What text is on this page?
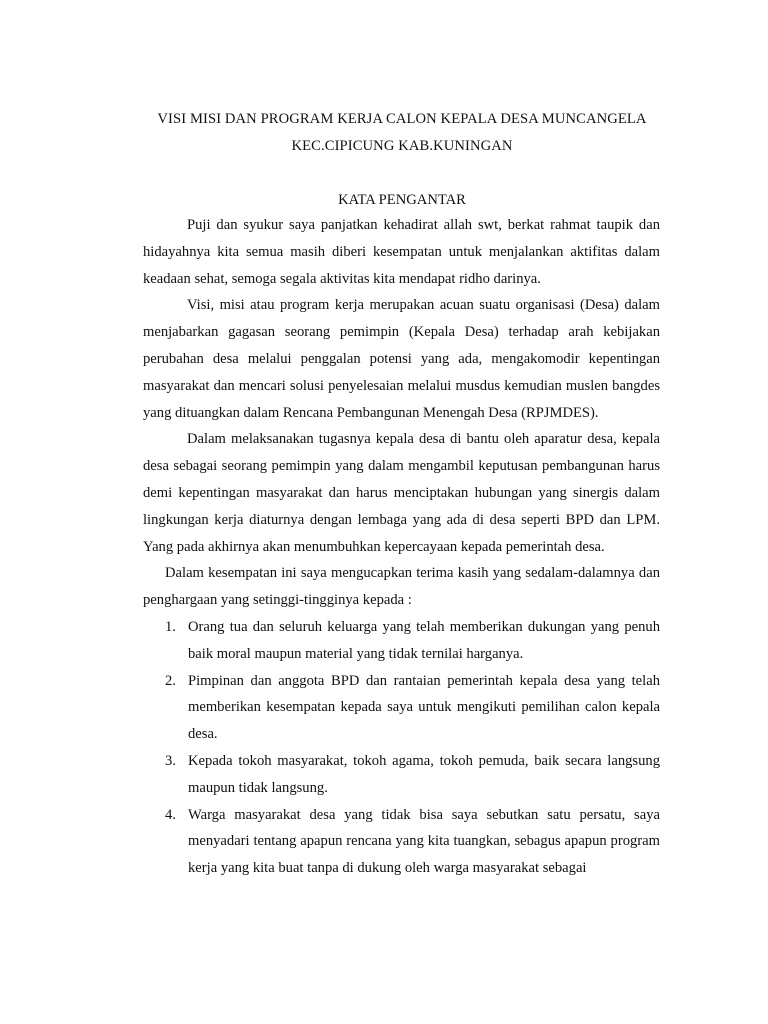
VISI MISI DAN PROGRAM KERJA CALON KEPALA DESA MUNCANGELA
KEC.CIPICUNG KAB.KUNINGAN
KATA PENGANTAR

Puji dan syukur saya panjatkan kehadirat allah swt, berkat rahmat taupik dan hidayahnya kita semua masih diberi kesempatan untuk menjalankan aktifitas dalam keadaan sehat, semoga segala aktivitas kita mendapat ridho darinya.

Visi, misi atau program kerja merupakan acuan suatu organisasi (Desa) dalam menjabarkan gagasan seorang pemimpin (Kepala Desa) terhadap arah kebijakan perubahan desa melalui penggalan potensi yang ada, mengakomodir kepentingan masyarakat dan mencari solusi penyelesaian melalui musdus kemudian muslen bangdes yang dituangkan dalam Rencana Pembangunan Menengah Desa (RPJMDES).

Dalam melaksanakan tugasnya kepala desa di bantu oleh aparatur desa, kepala desa sebagai seorang pemimpin yang dalam mengambil keputusan pembangunan harus demi kepentingan masyarakat dan harus menciptakan hubungan yang sinergis dalam lingkungan kerja diaturnya dengan lembaga yang ada di desa seperti BPD dan LPM. Yang pada akhirnya akan menumbuhkan kepercayaan kepada pemerintah desa.

Dalam kesempatan ini saya mengucapkan terima kasih yang sedalam-dalamnya dan penghargaan yang setinggi-tingginya kepada :

1. Orang tua dan seluruh keluarga yang telah memberikan dukungan yang penuh baik moral maupun material yang tidak ternilai harganya.
2. Pimpinan dan anggota BPD dan rantaian pemerintah kepala desa yang telah memberikan kesempatan kepada saya untuk mengikuti pemilihan calon kepala desa.
3. Kepada tokoh masyarakat, tokoh agama, tokoh pemuda, baik secara langsung maupun tidak langsung.
4. Warga masyarakat desa yang tidak bisa saya sebutkan satu persatu, saya menyadari tentang apapun rencana yang kita tuangkan, sebagus apapun program kerja yang kita buat tanpa di dukung oleh warga masyarakat sebagai
